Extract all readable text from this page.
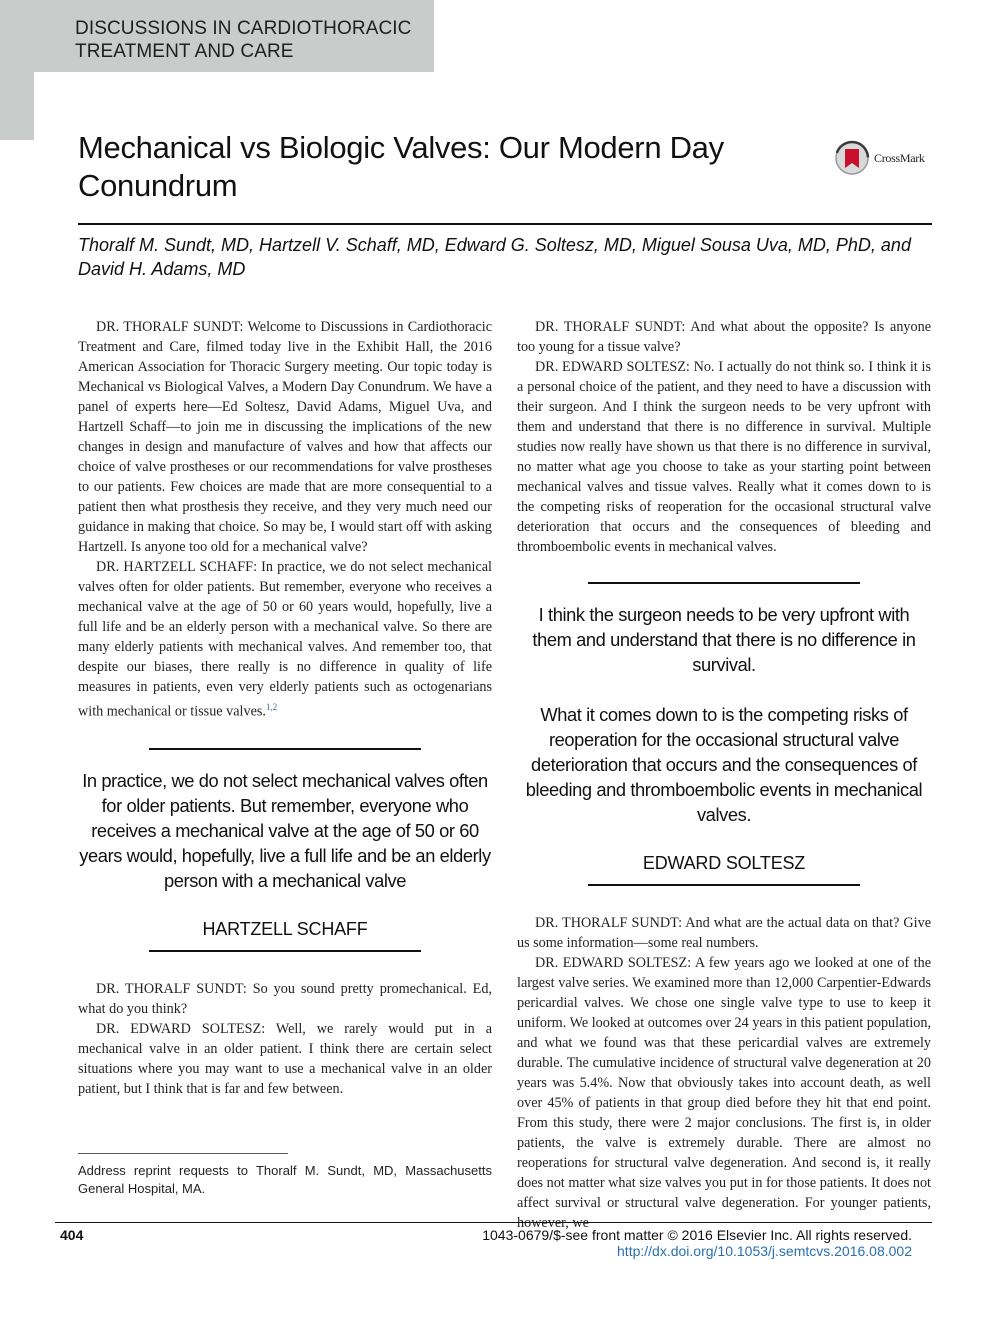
DISCUSSIONS IN CARDIOTHORACIC
TREATMENT AND CARE
Mechanical vs Biologic Valves: Our Modern Day Conundrum
CrossMark
Thoralf M. Sundt, MD, Hartzell V. Schaff, MD, Edward G. Soltesz, MD, Miguel Sousa Uva, MD, PhD, and David H. Adams, MD

DR. THORALF SUNDT: Welcome to Discussions in Cardiothoracic Treatment and Care, filmed today live in the Exhibit Hall, the 2016 American Association for Thoracic Surgery meeting. Our topic today is Mechanical vs Biological Valves, a Modern Day Conundrum. We have a panel of experts here—Ed Soltesz, David Adams, Miguel Uva, and Hartzell Schaff—to join me in discussing the implications of the new changes in design and manufacture of valves and how that affects our choice of valve prostheses or our recommendations for valve prostheses to our patients. Few choices are made that are more consequential to a patient then what prosthesis they receive, and they very much need our guidance in making that choice. So may be, I would start off with asking Hartzell. Is anyone too old for a mechanical valve?

DR. HARTZELL SCHAFF: In practice, we do not select mechanical valves often for older patients. But remember, everyone who receives a mechanical valve at the age of 50 or 60 years would, hopefully, live a full life and be an elderly person with a mechanical valve. So there are many elderly patients with mechanical valves. And remember too, that despite our biases, there really is no difference in quality of life measures in patients, even very elderly patients such as octogenarians with mechanical or tissue valves.$^{1,2}$

In practice, we do not select mechanical valves often for older patients. But remember, everyone who receives a mechanical valve at the age of 50 or 60 years would, hopefully, live a full life and be an elderly person with a mechanical valve
HARTZELL SCHAFF

DR. THORALF SUNDT: So you sound pretty promechanical. Ed, what do you think?

DR. EDWARD SOLTESZ: Well, we rarely would put in a mechanical valve in an older patient. I think there are certain select situations where you may want to use a mechanical valve in an older patient, but I think that is far and few between.

Address reprint requests to Thoralf M. Sundt, MD, Massachusetts General Hospital, MA.

DR. THORALF SUNDT: And what about the opposite? Is anyone too young for a tissue valve?

DR. EDWARD SOLTESZ: No. I actually do not think so. I think it is a personal choice of the patient, and they need to have a discussion with their surgeon. And I think the surgeon needs to be very upfront with them and understand that there is no difference in survival. Multiple studies now really have shown us that there is no difference in survival, no matter what age you choose to take as your starting point between mechanical valves and tissue valves. Really what it comes down to is the competing risks of reoperation for the occasional structural valve deterioration that occurs and the consequences of bleeding and thromboembolic events in mechanical valves.

I think the surgeon needs to be very upfront with them and understand that there is no difference in survival.
What it comes down to is the competing risks of reoperation for the occasional structural valve deterioration that occurs and the consequences of bleeding and thromboembolic events in mechanical valves.
EDWARD SOLTESZ

DR. THORALF SUNDT: And what are the actual data on that? Give us some information—some real numbers.

DR. EDWARD SOLTESZ: A few years ago we looked at one of the largest valve series. We examined more than 12,000 Carpentier-Edwards pericardial valves. We chose one single valve type to use to keep it uniform. We looked at outcomes over 24 years in this patient population, and what we found was that these pericardial valves are extremely durable. The cumulative incidence of structural valve degeneration at 20 years was 5.4%. Now that obviously takes into account death, as well over 45% of patients in that group died before they hit that end point. From this study, there were 2 major conclusions. The first is, in older patients, the valve is extremely durable. There are almost no reoperations for structural valve degeneration. And second is, it really does not matter what size valves you put in for those patients. It does not affect survival or structural valve degeneration. For younger patients, however, we

404	1043-0679/$-see front matter © 2016 Elsevier Inc. All rights reserved.
http://dx.doi.org/10.1053/j.semtcvs.2016.08.002
